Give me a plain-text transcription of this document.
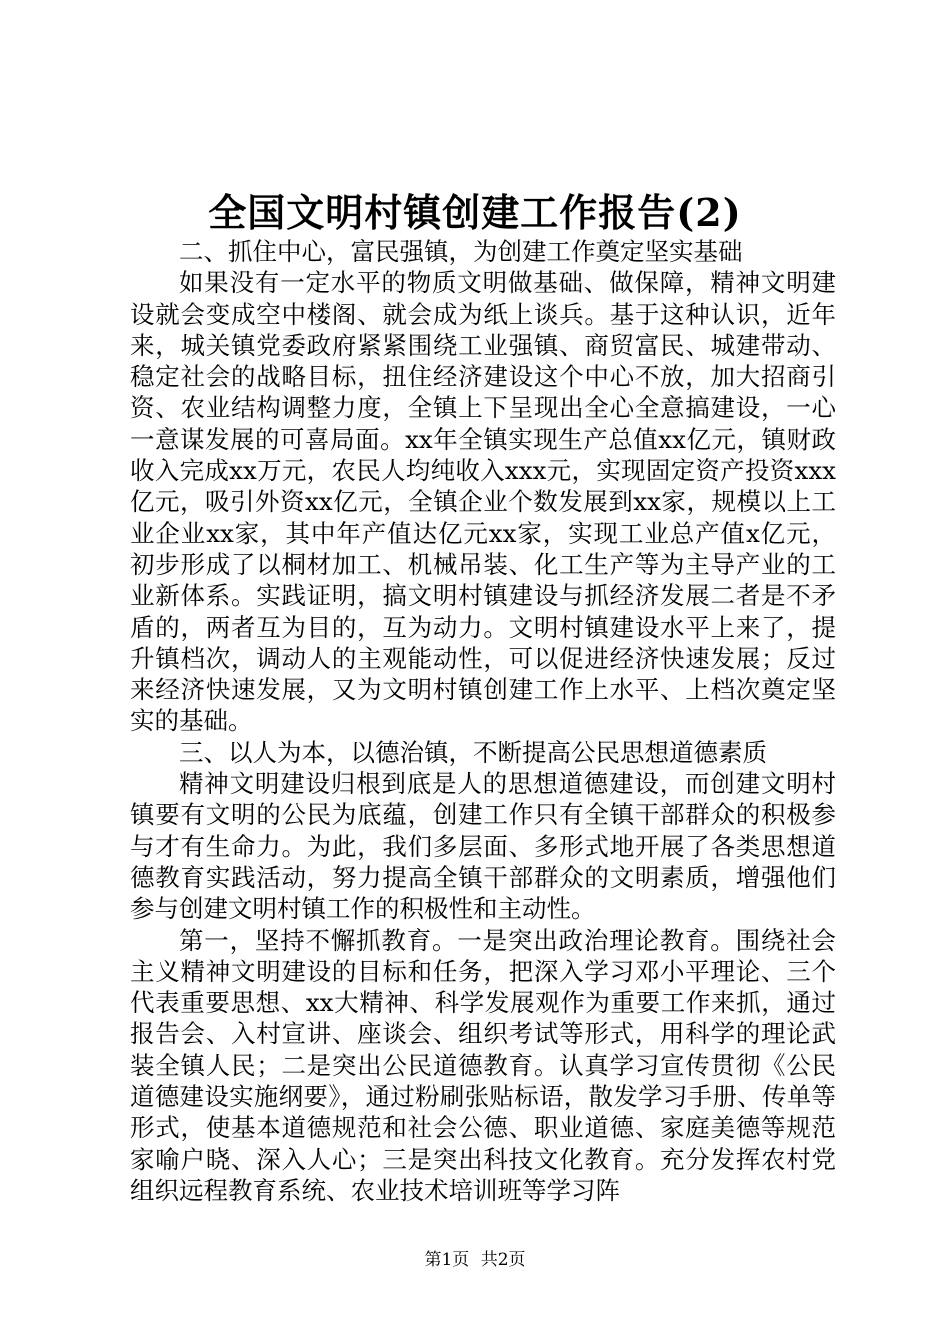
全国文明村镇创建工作报告(2)

二、抓住中心，富民强镇，为创建工作奠定坚实基础

如果没有一定水平的物质文明做基础、做保障，精神文明建设就会变成空中楼阁、就会成为纸上谈兵。基于这种认识，近年来，城关镇党委政府紧紧围绕工业强镇、商贸富民、城建带动、稳定社会的战略目标，扭住经济建设这个中心不放，加大招商引资、农业结构调整力度，全镇上下呈现出全心全意搞建设，一心一意谋发展的可喜局面。xx年全镇实现生产总值xx亿元，镇财政收入完成xx万元，农民人均纯收入xxx元，实现固定资产投资xxx亿元，吸引外资xx亿元，全镇企业个数发展到xx家，规模以上工业企业xx家，其中年产值达亿元xx家，实现工业总产值x亿元，初步形成了以桐材加工、机械吊装、化工生产等为主导产业的工业新体系。实践证明，搞文明村镇建设与抓经济发展二者是不矛盾的，两者互为目的，互为动力。文明村镇建设水平上来了，提升镇档次，调动人的主观能动性，可以促进经济快速发展；反过来经济快速发展，又为文明村镇创建工作上水平、上档次奠定坚实的基础。

三、以人为本，以德治镇，不断提高公民思想道德素质

精神文明建设归根到底是人的思想道德建设，而创建文明村镇要有文明的公民为底蕴，创建工作只有全镇干部群众的积极参与才有生命力。为此，我们多层面、多形式地开展了各类思想道德教育实践活动，努力提高全镇干部群众的文明素质，增强他们参与创建文明村镇工作的积极性和主动性。

第一，坚持不懈抓教育。一是突出政治理论教育。围绕社会主义精神文明建设的目标和任务，把深入学习邓小平理论、三个代表重要思想、xx大精神、科学发展观作为重要工作来抓，通过报告会、入村宣讲、座谈会、组织考试等形式，用科学的理论武装全镇人民；二是突出公民道德教育。认真学习宣传贯彻《公民道德建设实施纲要》，通过粉刷张贴标语，散发学习手册、传单等形式，使基本道德规范和社会公德、职业道德、家庭美德等规范家喻户晓、深入人心；三是突出科技文化教育。充分发挥农村党组织远程教育系统、农业技术培训班等学习阵

第1页 共2页
